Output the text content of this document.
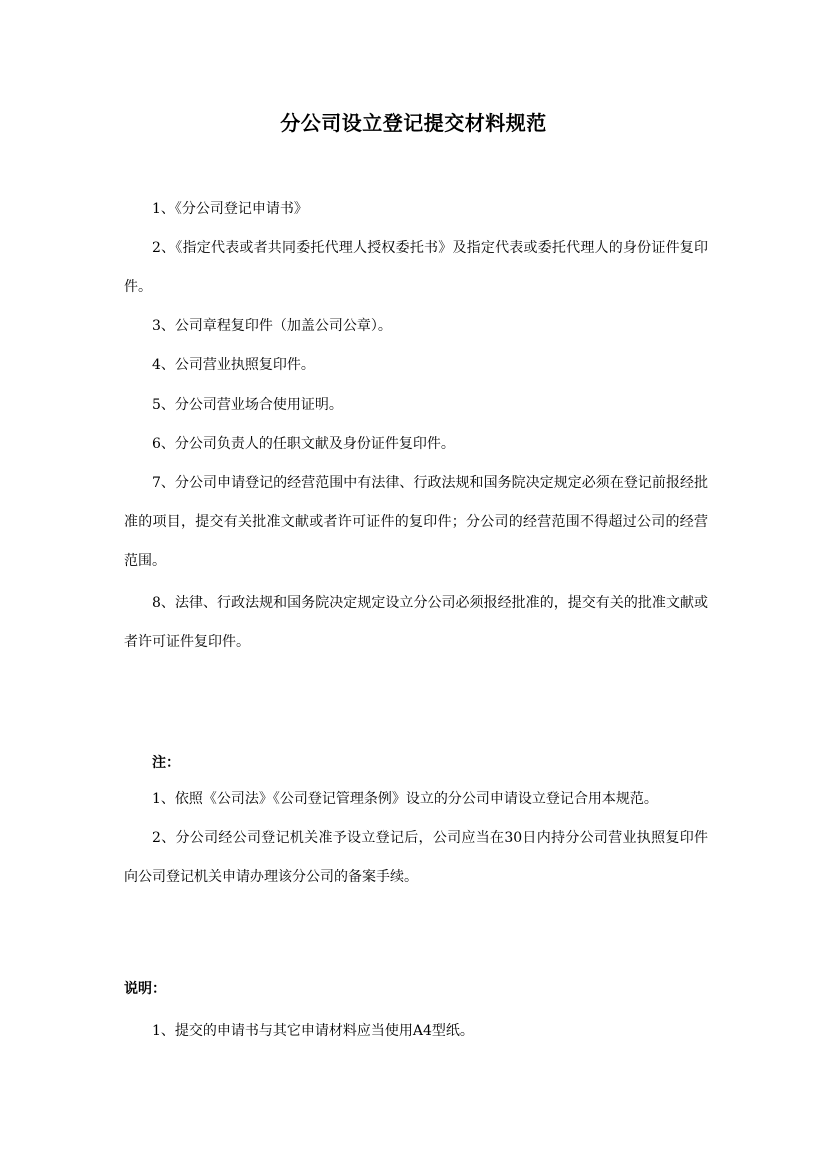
分公司设立登记提交材料规范

1、《分公司登记申请书》

2、《指定代表或者共同委托代理人授权委托书》及指定代表或委托代理人的身份证件复印件。

3、公司章程复印件（加盖公司公章）。

4、公司营业执照复印件。

5、分公司营业场合使用证明。

6、分公司负责人的任职文献及身份证件复印件。

7、分公司申请登记的经营范围中有法律、行政法规和国务院决定规定必须在登记前报经批准的项目，提交有关批准文献或者许可证件的复印件；分公司的经营范围不得超过公司的经营范围。

8、法律、行政法规和国务院决定规定设立分公司必须报经批准的，提交有关的批准文献或者许可证件复印件。

注：

1、依照《公司法》《公司登记管理条例》设立的分公司申请设立登记合用本规范。

2、分公司经公司登记机关准予设立登记后，公司应当在30日内持分公司营业执照复印件向公司登记机关申请办理该分公司的备案手续。

说明：

1、提交的申请书与其它申请材料应当使用A4型纸。
